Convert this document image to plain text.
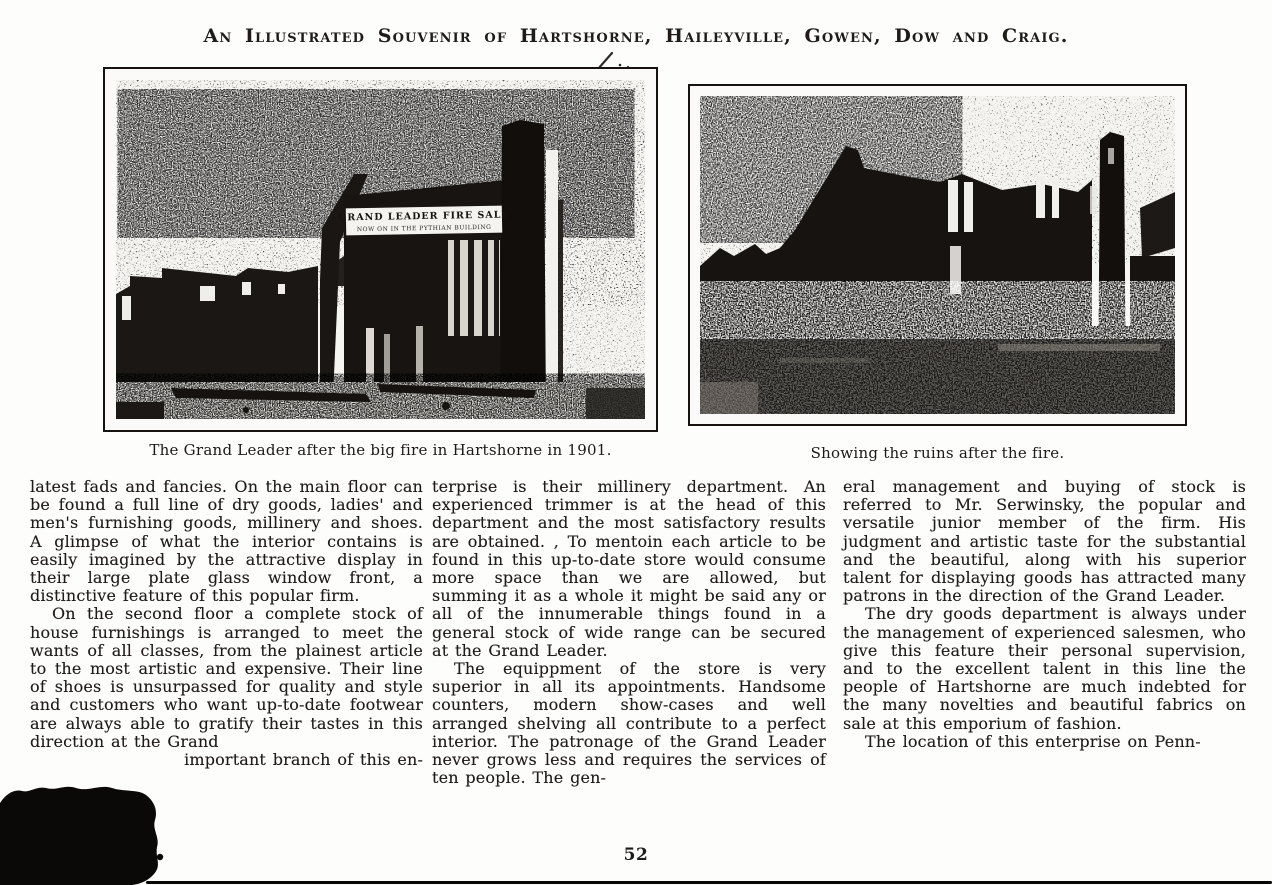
An Illustrated Souvenir of Hartshorne, Haileyville, Gowen, Dow and Craig.
GRAND LEADER FIRE SALE
NOW ON IN THE PYTHIAN BUILDING
The Grand Leader after the big fire in Hartshorne in 1901.	Showing the ruins after the fire.

latest fads and fancies. On the main floor can be found a full line of dry goods, ladies' and men's furnishing goods, millinery and shoes. A glimpse of what the interior contains is easily imagined by the attractive display in their large plate glass window front, a distinctive feature of this popular firm.

On the second floor a complete stock of house furnishings is arranged to meet the wants of all classes, from the plainest article to the most artistic and expensive. Their line of shoes is unsurpassed for quality and style and customers who want up-to-date footwear are always able to gratify their tastes in this direction at the Grand

important branch of this en-

terprise is their millinery department. An experienced trimmer is at the head of this department and the most satisfactory results are obtained. , To mentoin each article to be found in this up-to-date store would consume more space than we are allowed, but summing it as a whole it might be said any or all of the innumerable things found in a general stock of wide range can be secured at the Grand Leader.

The equippment of the store is very superior in all its appointments. Handsome counters, modern show-cases and well arranged shelving all contribute to a perfect interior. The patronage of the Grand Leader never grows less and requires the services of ten people. The gen-

eral management and buying of stock is referred to Mr. Serwinsky, the popular and versatile junior member of the firm. His judgment and artistic taste for the substantial and the beautiful, along with his superior talent for displaying goods has attracted many patrons in the direction of the Grand Leader.

The dry goods department is always under the management of experienced salesmen, who give this feature their personal supervision, and to the excellent talent in this line the people of Hartshorne are much indebted for the many novelties and beautiful fabrics on sale at this emporium of fashion.

The location of this enterprise on Penn-

52
